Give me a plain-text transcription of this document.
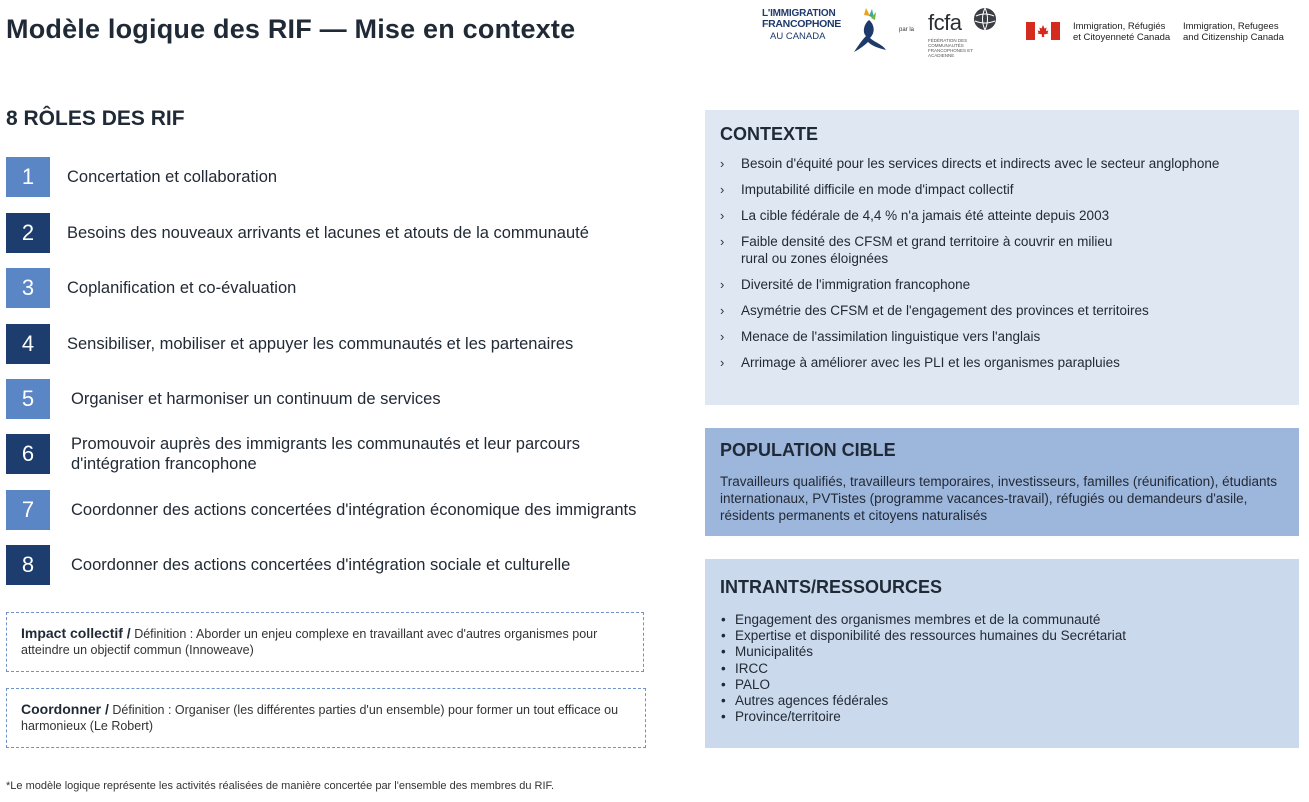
Modèle logique des RIF — Mise en contexte
L'IMMIGRATION
FRANCOPHONE
AU CANADA
par la fcfa
FÉDÉRATION DES COMMUNAUTÉS FRANCOPHONES ET ACADIENNE
Immigration, Réfugiés
et Citoyenneté Canada
Immigration, Refugees
and Citizenship Canada
8 RÔLES DES RIF
1	Concertation et collaboration
2	Besoins des nouveaux arrivants et lacunes et atouts de la communauté
3	Coplanification et co-évaluation
4	Sensibiliser, mobiliser et appuyer les communautés et les partenaires
5	Organiser et harmoniser un continuum de services
6	Promouvoir auprès des immigrants les communautés et leur parcours d'intégration francophone
7	Coordonner des actions concertées d'intégration économique des immigrants
8	Coordonner des actions concertées d'intégration sociale et culturelle
Impact collectif / Définition : Aborder un enjeu complexe en travaillant avec d'autres organismes pour atteindre un objectif commun (Innoweave)
Coordonner / Définition : Organiser (les différentes parties d'un ensemble) pour former un tout efficace ou harmonieux (Le Robert)
*Le modèle logique représente les activités réalisées de manière concertée par l'ensemble des membres du RIF.
CONTEXTE
› Besoin d'équité pour les services directs et indirects avec le secteur anglophone
› Imputabilité difficile en mode d'impact collectif
› La cible fédérale de 4,4 % n'a jamais été atteinte depuis 2003
› Faible densité des CFSM et grand territoire à couvrir en milieu rural ou zones éloignées
› Diversité de l'immigration francophone
› Asymétrie des CFSM et de l'engagement des provinces et territoires
› Menace de l'assimilation linguistique vers l'anglais
› Arrimage à améliorer avec les PLI et les organismes parapluies
POPULATION CIBLE

Travailleurs qualifiés, travailleurs temporaires, investisseurs, familles (réunification), étudiants internationaux, PVTistes (programme vacances-travail), réfugiés ou demandeurs d'asile, résidents permanents et citoyens naturalisés

INTRANTS/RESSOURCES
• Engagement des organismes membres et de la communauté
• Expertise et disponibilité des ressources humaines du Secrétariat
• Municipalités
• IRCC
• PALO
• Autres agences fédérales
• Province/territoire
